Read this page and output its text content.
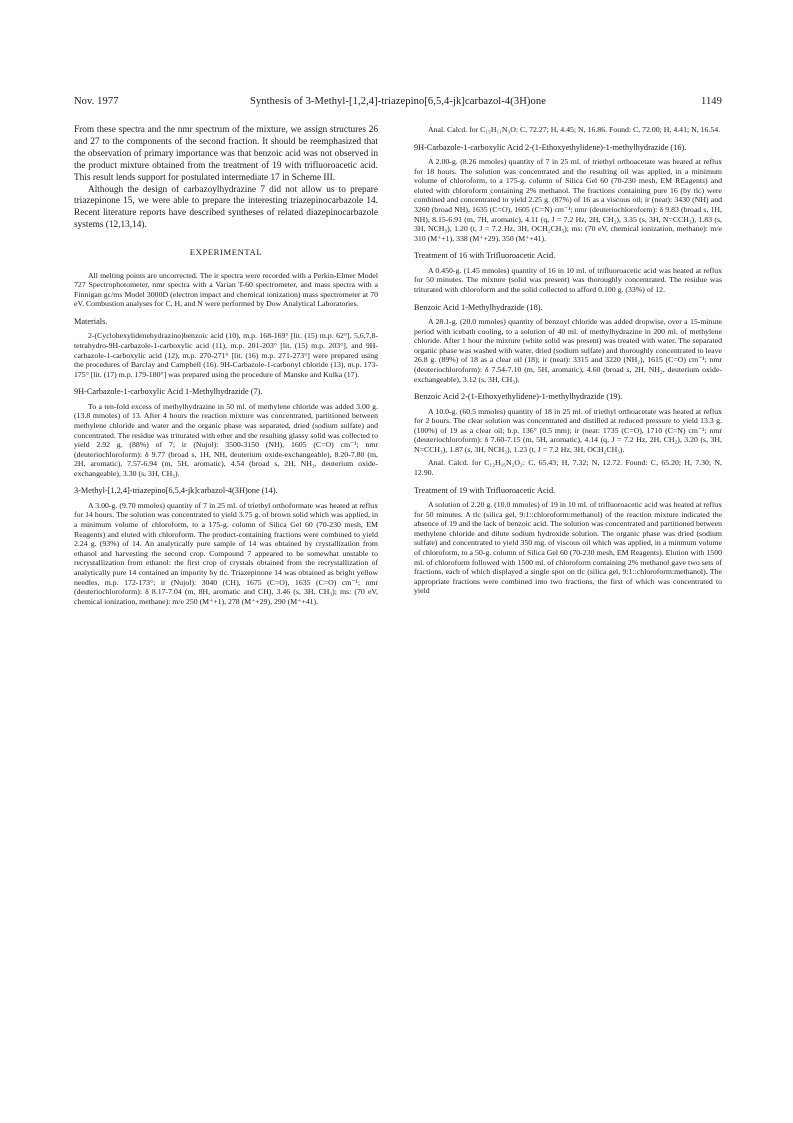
Nov. 1977	Synthesis of 3-Methyl-[1,2,4]-triazepino[6,5,4-jk]carbazol-4(3H)one	1149

From these spectra and the nmr spectrum of the mixture, we assign structures 26 and 27 to the components of the second fraction. It should be reemphasized that the observation of primary importance was that benzoic acid was not observed in the product mixture obtained from the treatment of 19 with trifluoroacetic acid. This result lends support for postulated intermediate 17 in Scheme III.

Although the design of carbazoylhydrazine 7 did not allow us to prepare triazepinone 15, we were able to prepare the interesting triazepinocarbazole 14. Recent literature reports have described syntheses of related diazepinocarbazole systems (12,13,14).

EXPERIMENTAL

All melting points are uncorrected. The ir spectra were recorded with a Perkin-Elmer Model 727 Spectrophotometer, nmr spectra with a Varian T-60 spectrometer, and mass spectra with a Finnigan gc/ms Model 3000D (electron impact and chemical ionization) mass spectrometer at 70 eV. Combustion analyses for C, H, and N were performed by Dow Analytical Laboratories.

Materials.

2-(Cyclohexylidenehydrazino)benzoic acid (10), m.p. 168-169° [lit. (15) m.p. 62°], 5,6,7,8-tetrahydro-9H-carbazole-1-carboxylic acid (11), m.p. 201-203° [lit. (15) m.p. 203°], and 9H-carbazole-1-carboxylic acid (12), m.p. 270-271° [lit. (16) m.p. 271-273°] were prepared using the procedures of Barclay and Campbell (16). 9H-Carbazole-1-carbonyl chloride (13), m.p. 173-175° [lit. (17) m.p. 179-180°] was prepared using the procedure of Manske and Kulka (17).

9H-Carbazole-1-carboxylic Acid 1-Methylhydrazide (7).

To a ten-fold excess of methylhydrazine in 50 ml. of methylene chloride was added 3.00 g. (13.8 mmoles) of 13. After 4 hours the reaction mixture was concentrated, partitioned between methylene chloride and water and the organic phase was separated, dried (sodium sulfate) and concentrated. The residue was triturated with ether and the resulting glassy solid was collected to yield 2.92 g. (88%) of 7; ir (Nujol): 3500-3150 (NH), 1605 (C=O) cm⁻¹; nmr (deuteriochloroform): δ 9.77 (broad s, 1H, NH, deuterium oxide-exchangeable), 8.20-7.80 (m, 2H, aromatic), 7.57-6.94 (m, 5H, aromatic), 4.54 (broad s, 2H, NH₂, deuterium oxide-exchangeable), 3.30 (s, 3H, CH₃).

3-Methyl-[1,2,4]-triazepino[6,5,4-jk]carbazol-4(3H)one (14).

A 3.00-g. (9.70 mmoles) quantity of 7 in 25 ml. of triethyl orthoformate was heated at reflux for 14 hours. The solution was concentrated to yield 3.75 g. of brown solid which was applied, in a minimum volume of chloroform, to a 175-g. column of Silica Gel 60 (70-230 mesh, EM Reagents) and eluted with chloroform. The product-containing fractions were combined to yield 2.24 g. (93%) of 14. An analytically pure sample of 14 was obtained by crystallization from ethanol and harvesting the second crop. Compound 7 appeared to be somewhat unstable to recrystallization from ethanol: the first crop of crystals obtained from the recrystallization of analytically pure 14 contained an impurity by tlc. Triazepinone 14 was obtained as bright yellow needles, m.p. 172-173°; ir (Nujol): 3040 (CH), 1675 (C=O), 1635 (C=O) cm⁻¹; nmr (deuteriochloroform): δ 8.17-7.04 (m, 8H, aromatic and CH), 3.46 (s, 3H, CH₃); ms: (70 eV, chemical ionization, methane): m/e 250 (M⁺+1), 278 (M⁺+29), 290 (M⁺+41).

Anal. Calcd. for C₁₅H₁₁N₃O: C, 72.27; H, 4.45; N, 16.86. Found: C, 72.00; H, 4.41; N, 16.54.

9H-Carbazole-1-carboxylic Acid 2-(1-Ethoxyethylidene)-1-methylhydrazide (16).

A 2.00-g. (8.26 mmoles) quantity of 7 in 25 ml. of triethyl orthoacetate was heated at reflux for 18 hours. The solution was concentrated and the resulting oil was applied, in a minimum volume of chloroform, to a 175-g. column of Silica Gel 60 (70-230 mesh, EM REagents) and eluted with chloroform containing 2% methanol. The fractions containing pure 16 (by tlc) were combined and concentrated to yield 2.25 g. (87%) of 16 as a viscous oil; ir (neat): 3430 (NH) and 3260 (broad NH), 1635 (C=O), 1605 (C=N) cm⁻¹; nmr (deuteriochloroform): δ 9.83 (broad s, 1H, NH), 8.15-6.91 (m, 7H, aromatic), 4.11 (q, J = 7.2 Hz, 2H, CH₂), 3.35 (s, 3H, N=CCH₃), 1.83 (s, 3H, NCH₃), 1.20 (t, J = 7.2 Hz, 3H, OCH₂CH₃); ms: (70 eV, chemical ionization, methane): m/e 310 (M⁺+1), 338 (M⁺+29), 350 (M⁺+41).

Treatment of 16 with Trifluoroacetic Acid.

A 0.450-g. (1.45 mmoles) quantity of 16 in 10 ml. of trifluoroacetic acid was heated at reflux for 50 minutes. The mixture (solid was present) was thoroughly concentrated. The residue was triturated with chloroform and the solid collected to afford 0.100 g. (33%) of 12.

Benzoic Acid 1-Methylhydrazide (18).

A 28.1-g. (20.0 mmoles) quantity of benzoyl chloride was added dropwise, over a 15-minute period with icebath cooling, to a solution of 40 ml. of methylhydrazine in 200 ml. of methylene chloride. After 1 hour the mixture (white solid was present) was treated with water. The separated organic phase was washed with water, dried (sodium sulfate) and thoroughly concentrated to leave 26.8 g. (89%) of 18 as a clear oil (18); ir (neat): 3315 and 3220 (NH₂), 1615 (C=O) cm⁻¹; nmr (deuteriochloroform): δ 7.54-7.10 (m, 5H, aromatic), 4.60 (broad s, 2H, NH₂, deuterium oxide-exchangeable), 3.12 (s, 3H, CH₃).

Benzoic Acid 2-(1-Ethoxyethylidene)-1-methylhydrazide (19).

A 10.0-g. (60.5 mmoles) quantity of 18 in 25 ml. of triethyl orthoacetate was heated at reflux for 2 hours. The clear solution was concentrated and distilled at reduced pressure to yield 13.3 g. (100%) of 19 as a clear oil; b.p. 136° (0.5 mm); ir (neat: 1735 (C=O), 1710 (C=N) cm⁻¹; nmr (deuteriochloroform): δ 7.60-7.15 (m, 5H, aromatic), 4.14 (q, J = 7.2 Hz, 2H, CH₂), 3.20 (s, 3H, N=CCH₃), 1.87 (s, 3H, NCH₃), 1.23 (t, J = 7.2 Hz, 3H, OCH₂CH₃).

Anal. Calcd. for C₁₂H₁₆N₂O₂: C, 65.43; H, 7.32; N, 12.72. Found: C, 65.20; H, 7.30; N, 12.90.

Treatment of 19 with Trifluoroacetic Acid.

A solution of 2.20 g. (10.0 mmoles) of 19 in 10 ml. of trifluoroacetic acid was heated at reflux for 50 minutes. A tlc (silica gel, 9:1::chloroform:methanol) of the reaction mixture indicated the absence of 19 and the lack of benzoic acid. The solution was concentrated and partitioned between methylene chloride and dilute sodium hydroxide solution. The organic phase was dried (sodium sulfate) and concentrated to yield 350 mg. of viscous oil which was applied, in a minmum volume of chloroform, to a 50-g. column of Silica Gel 60 (70-230 mesh, EM Reagents). Elution with 1500 ml. of chloroform followed with 1500 ml. of chloroform containing 2% methanol gave two sets of fractions, each of which displayed a single spot on tlc (silica gel, 9:1::chloroform:methanol). The appropriate fractions were combined into two fractions, the first of which was concentrated to yield
